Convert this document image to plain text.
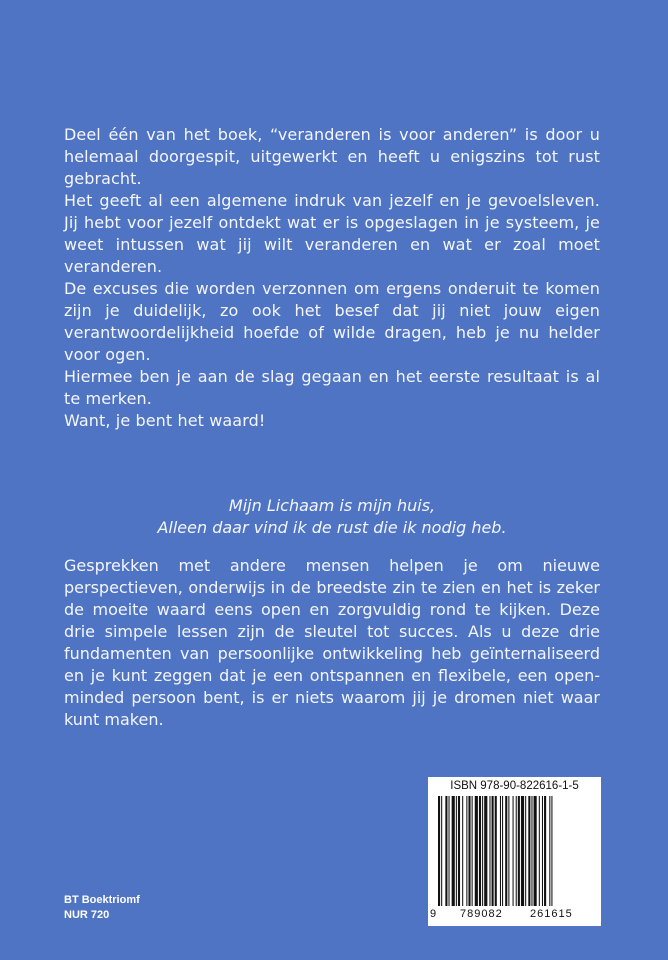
Deel één van het boek, “veranderen is voor anderen” is door u helemaal doorgespit, uitgewerkt en heeft u enigszins tot rust gebracht.

Het geeft al een algemene indruk van jezelf en je gevoelsleven. Jij hebt voor jezelf ontdekt wat er is opgeslagen in je systeem, je weet intussen wat jij wilt veranderen en wat er zoal moet veranderen.

De excuses die worden verzonnen om ergens onderuit te komen zijn je duidelijk, zo ook het besef dat jij niet jouw eigen verantwoordelijkheid hoefde of wilde dragen, heb je nu helder voor ogen.

Hiermee ben je aan de slag gegaan en het eerste resultaat is al te merken.

Want, je bent het waard!

Mijn Lichaam is mijn huis,
Alleen daar vind ik de rust die ik nodig heb.

Gesprekken met andere mensen helpen je om nieuwe perspectieven, onderwijs in de breedste zin te zien en het is zeker de moeite waard eens open en zorgvuldig rond te kijken. Deze drie simpele lessen zijn de sleutel tot succes. Als u deze drie fundamenten van persoonlijke ontwikkeling heb geïnternaliseerd en je kunt zeggen dat je een ontspannen en flexibele, een open-minded persoon bent, is er niets waarom jij je dromen niet waar kunt maken.

BT Boektriomf
NUR 720
ISBN 978-90-822616-1-5
9 789082 261615
